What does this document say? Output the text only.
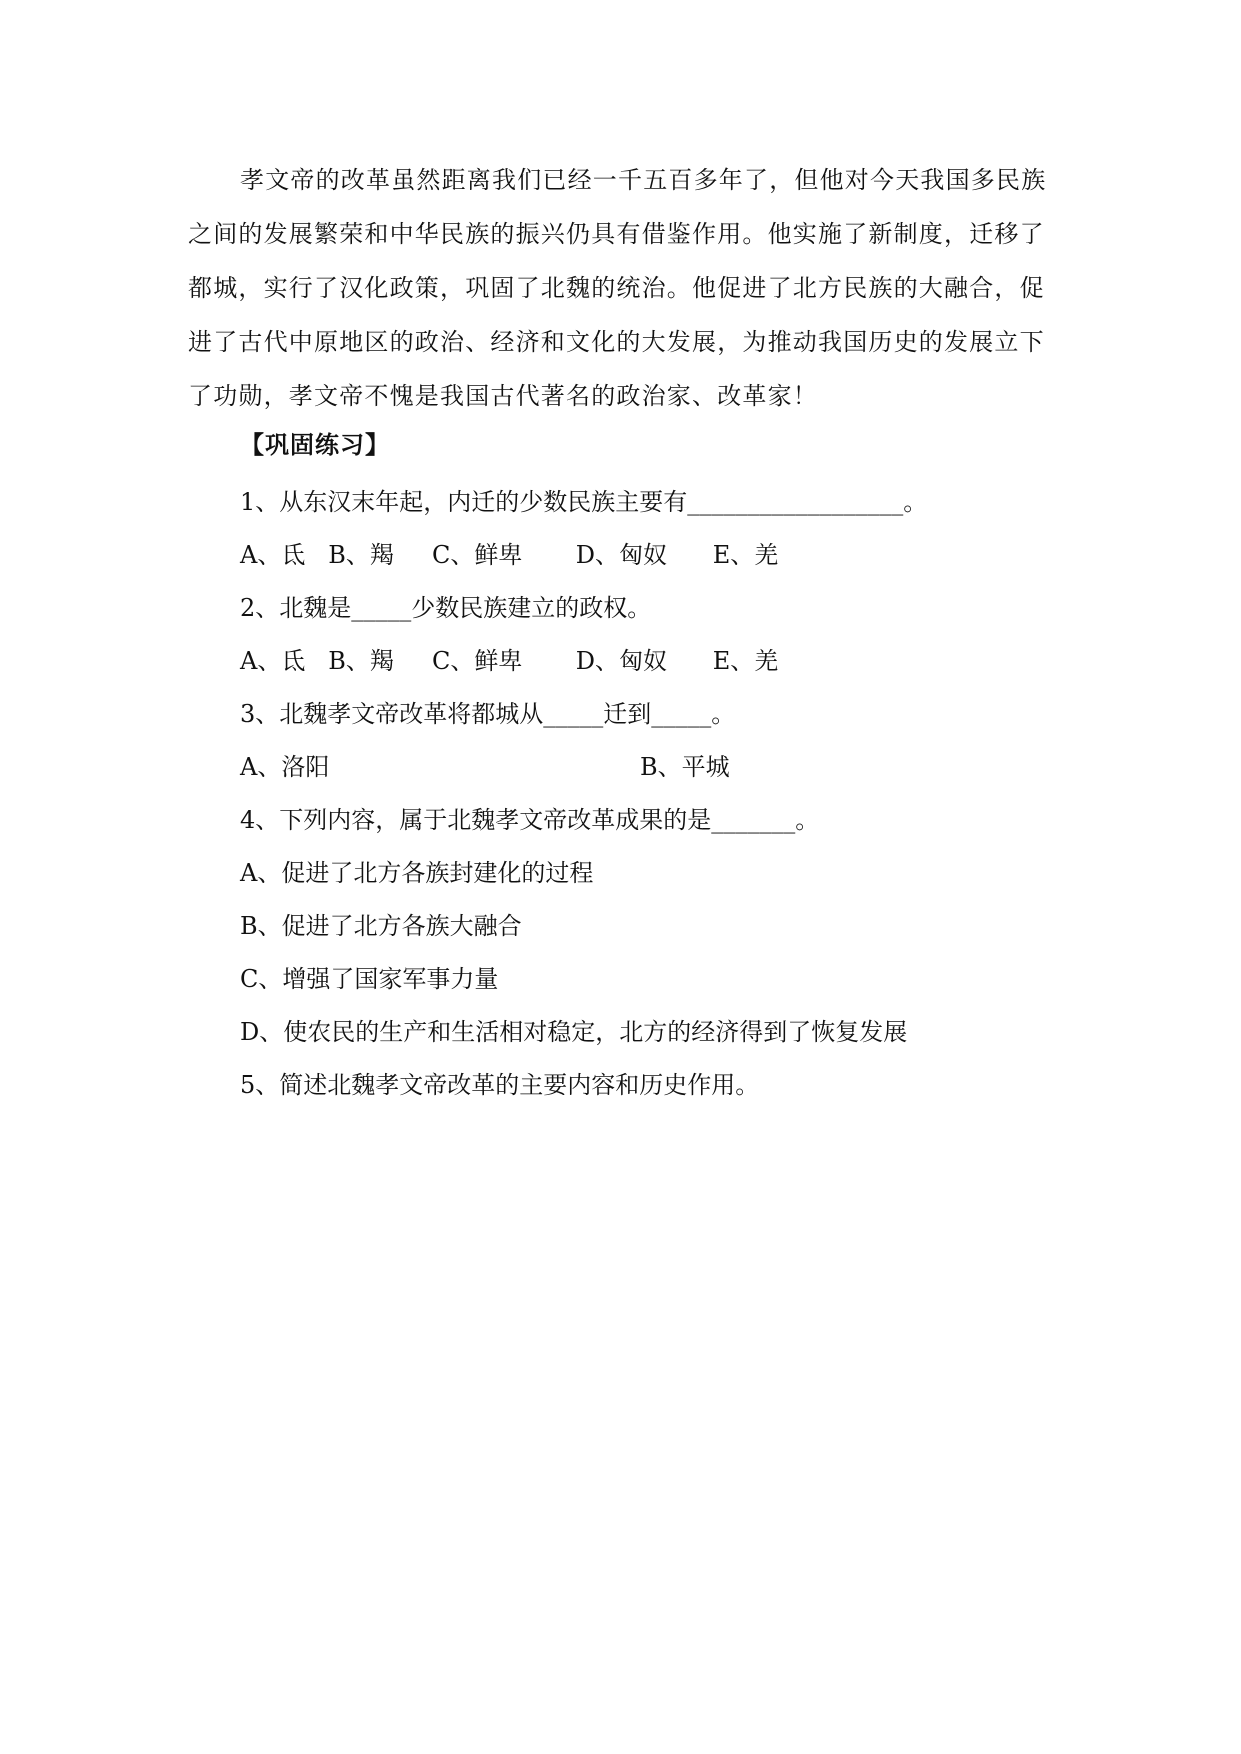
孝文帝的改革虽然距离我们已经一千五百多年了，但他对今天我国多民族之间的发展繁荣和中华民族的振兴仍具有借鉴作用。他实施了新制度，迁移了都城，实行了汉化政策，巩固了北魏的统治。他促进了北方民族的大融合，促进了古代中原地区的政治、经济和文化的大发展，为推动我国历史的发展立下了功勋，孝文帝不愧是我国古代著名的政治家、改革家！

【巩固练习】
1、从东汉末年起，内迁的少数民族主要有__________________。
A、氐   B、羯     C、鲜卑       D、匈奴      E、羌
2、北魏是_____少数民族建立的政权。
A、氐   B、羯     C、鲜卑       D、匈奴      E、羌
3、北魏孝文帝改革将都城从_____迁到_____。
A、洛阳	B、平城
4、下列内容，属于北魏孝文帝改革成果的是_______。
A、促进了北方各族封建化的过程
B、促进了北方各族大融合
C、增强了国家军事力量
D、使农民的生产和生活相对稳定，北方的经济得到了恢复发展
5、简述北魏孝文帝改革的主要内容和历史作用。
